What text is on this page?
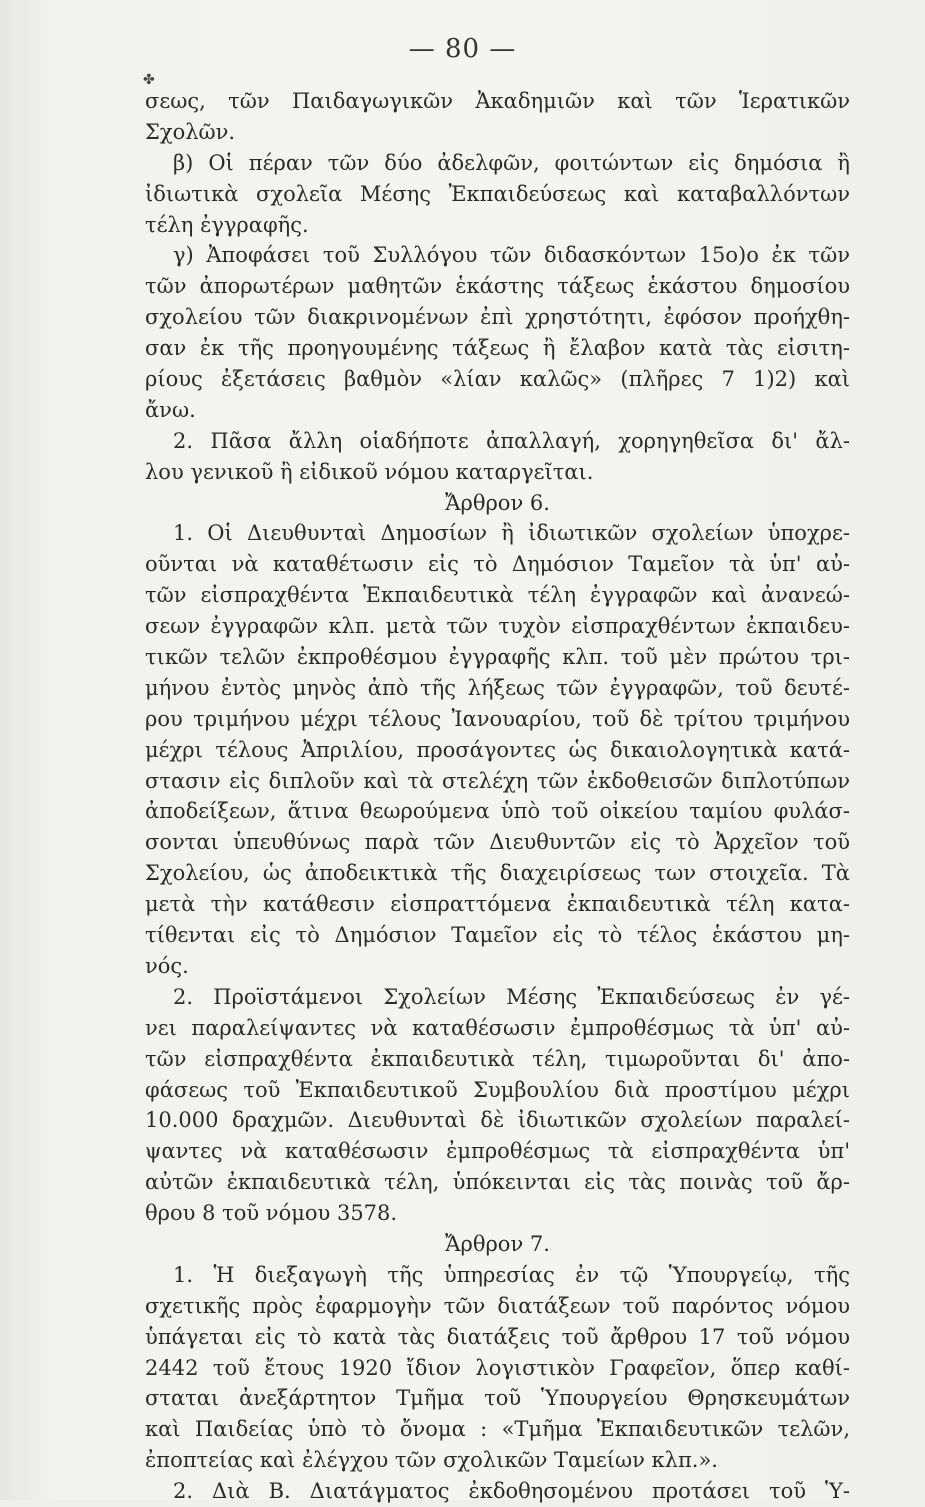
— 80 —
✤
σεως, τῶν Παιδαγωγικῶν Ἀκαδημιῶν καὶ τῶν Ἱερατικῶν
Σχολῶν.
β) Οἱ πέραν τῶν δύο ἀδελφῶν, φοιτώντων εἰς δημόσια ἢ
ἰδιωτικὰ σχολεῖα Μέσης Ἐκπαιδεύσεως καὶ καταβαλλόντων
τέλη ἐγγραφῆς.
γ) Ἀποφάσει τοῦ Συλλόγου τῶν διδασκόντων 15ο)ο ἐκ τῶν
τῶν ἀπορωτέρων μαθητῶν ἑκάστης τάξεως ἑκάστου δημοσίου
σχολείου τῶν διακρινομένων ἐπὶ χρηστότητι, ἐφόσον προήχθη-
σαν ἐκ τῆς προηγουμένης τάξεως ἢ ἔλαβον κατὰ τὰς εἰσιτη-
ρίους ἐξετάσεις βαθμὸν «λίαν καλῶς» (πλῆρες 7 1)2) καὶ
ἄνω.
2. Πᾶσα ἄλλη οἱαδήποτε ἀπαλλαγή, χορηγηθεῖσα δι' ἄλ-
λου γενικοῦ ἢ εἰδικοῦ νόμου καταργεῖται.
Ἄρθρον 6.
1. Οἱ Διευθυνταὶ Δημοσίων ἢ ἰδιωτικῶν σχολείων ὑποχρε-
οῦνται νὰ καταθέτωσιν εἰς τὸ Δημόσιον Ταμεῖον τὰ ὑπ' αὐ-
τῶν εἰσπραχθέντα Ἐκπαιδευτικὰ τέλη ἐγγραφῶν καὶ ἀνανεώ-
σεων ἐγγραφῶν κλπ. μετὰ τῶν τυχὸν εἰσπραχθέντων ἐκπαιδευ-
τικῶν τελῶν ἐκπροθέσμου ἐγγραφῆς κλπ. τοῦ μὲν πρώτου τρι-
μήνου ἐντὸς μηνὸς ἀπὸ τῆς λήξεως τῶν ἐγγραφῶν, τοῦ δευτέ-
ρου τριμήνου μέχρι τέλους Ἰανουαρίου, τοῦ δὲ τρίτου τριμήνου
μέχρι τέλους Ἀπριλίου, προσάγοντες ὡς δικαιολογητικὰ κατά-
στασιν εἰς διπλοῦν καὶ τὰ στελέχη τῶν ἐκδοθεισῶν διπλοτύπων
ἀποδείξεων, ἅτινα θεωρούμενα ὑπὸ τοῦ οἰκείου ταμίου φυλάσ-
σονται ὑπευθύνως παρὰ τῶν Διευθυντῶν εἰς τὸ Ἀρχεῖον τοῦ
Σχολείου, ὡς ἀποδεικτικὰ τῆς διαχειρίσεως των στοιχεῖα. Τὰ
μετὰ τὴν κατάθεσιν εἰσπραττόμενα ἐκπαιδευτικὰ τέλη κατα-
τίθενται εἰς τὸ Δημόσιον Ταμεῖον εἰς τὸ τέλος ἑκάστου μη-
νός.
2. Προϊστάμενοι Σχολείων Μέσης Ἐκπαιδεύσεως ἐν γέ-
νει παραλείψαντες νὰ καταθέσωσιν ἐμπροθέσμως τὰ ὑπ' αὐ-
τῶν εἰσπραχθέντα ἐκπαιδευτικὰ τέλη, τιμωροῦνται δι' ἀπο-
φάσεως τοῦ Ἐκπαιδευτικοῦ Συμβουλίου διὰ προστίμου μέχρι
10.000 δραχμῶν. Διευθυνταὶ δὲ ἰδιωτικῶν σχολείων παραλεί-
ψαντες νὰ καταθέσωσιν ἐμπροθέσμως τὰ εἰσπραχθέντα ὑπ'
αὐτῶν ἐκπαιδευτικὰ τέλη, ὑπόκεινται εἰς τὰς ποινὰς τοῦ ἄρ-
θρου 8 τοῦ νόμου 3578.
Ἄρθρον 7.
1. Ἡ διεξαγωγὴ τῆς ὑπηρεσίας ἐν τῷ Ὑπουργείῳ, τῆς
σχετικῆς πρὸς ἐφαρμογὴν τῶν διατάξεων τοῦ παρόντος νόμου
ὑπάγεται εἰς τὸ κατὰ τὰς διατάξεις τοῦ ἄρθρου 17 τοῦ νόμου
2442 τοῦ ἔτους 1920 ἴδιον λογιστικὸν Γραφεῖον, ὅπερ καθί-
σταται ἀνεξάρτητον Τμῆμα τοῦ Ὑπουργείου Θρησκευμάτων
καὶ Παιδείας ὑπὸ τὸ ὄνομα : «Τμῆμα Ἐκπαιδευτικῶν τελῶν,
ἐποπτείας καὶ ἐλέγχου τῶν σχολικῶν Ταμείων κλπ.».
2. Διὰ Β. Διατάγματος ἐκδοθησομένου προτάσει τοῦ Ὑ-
